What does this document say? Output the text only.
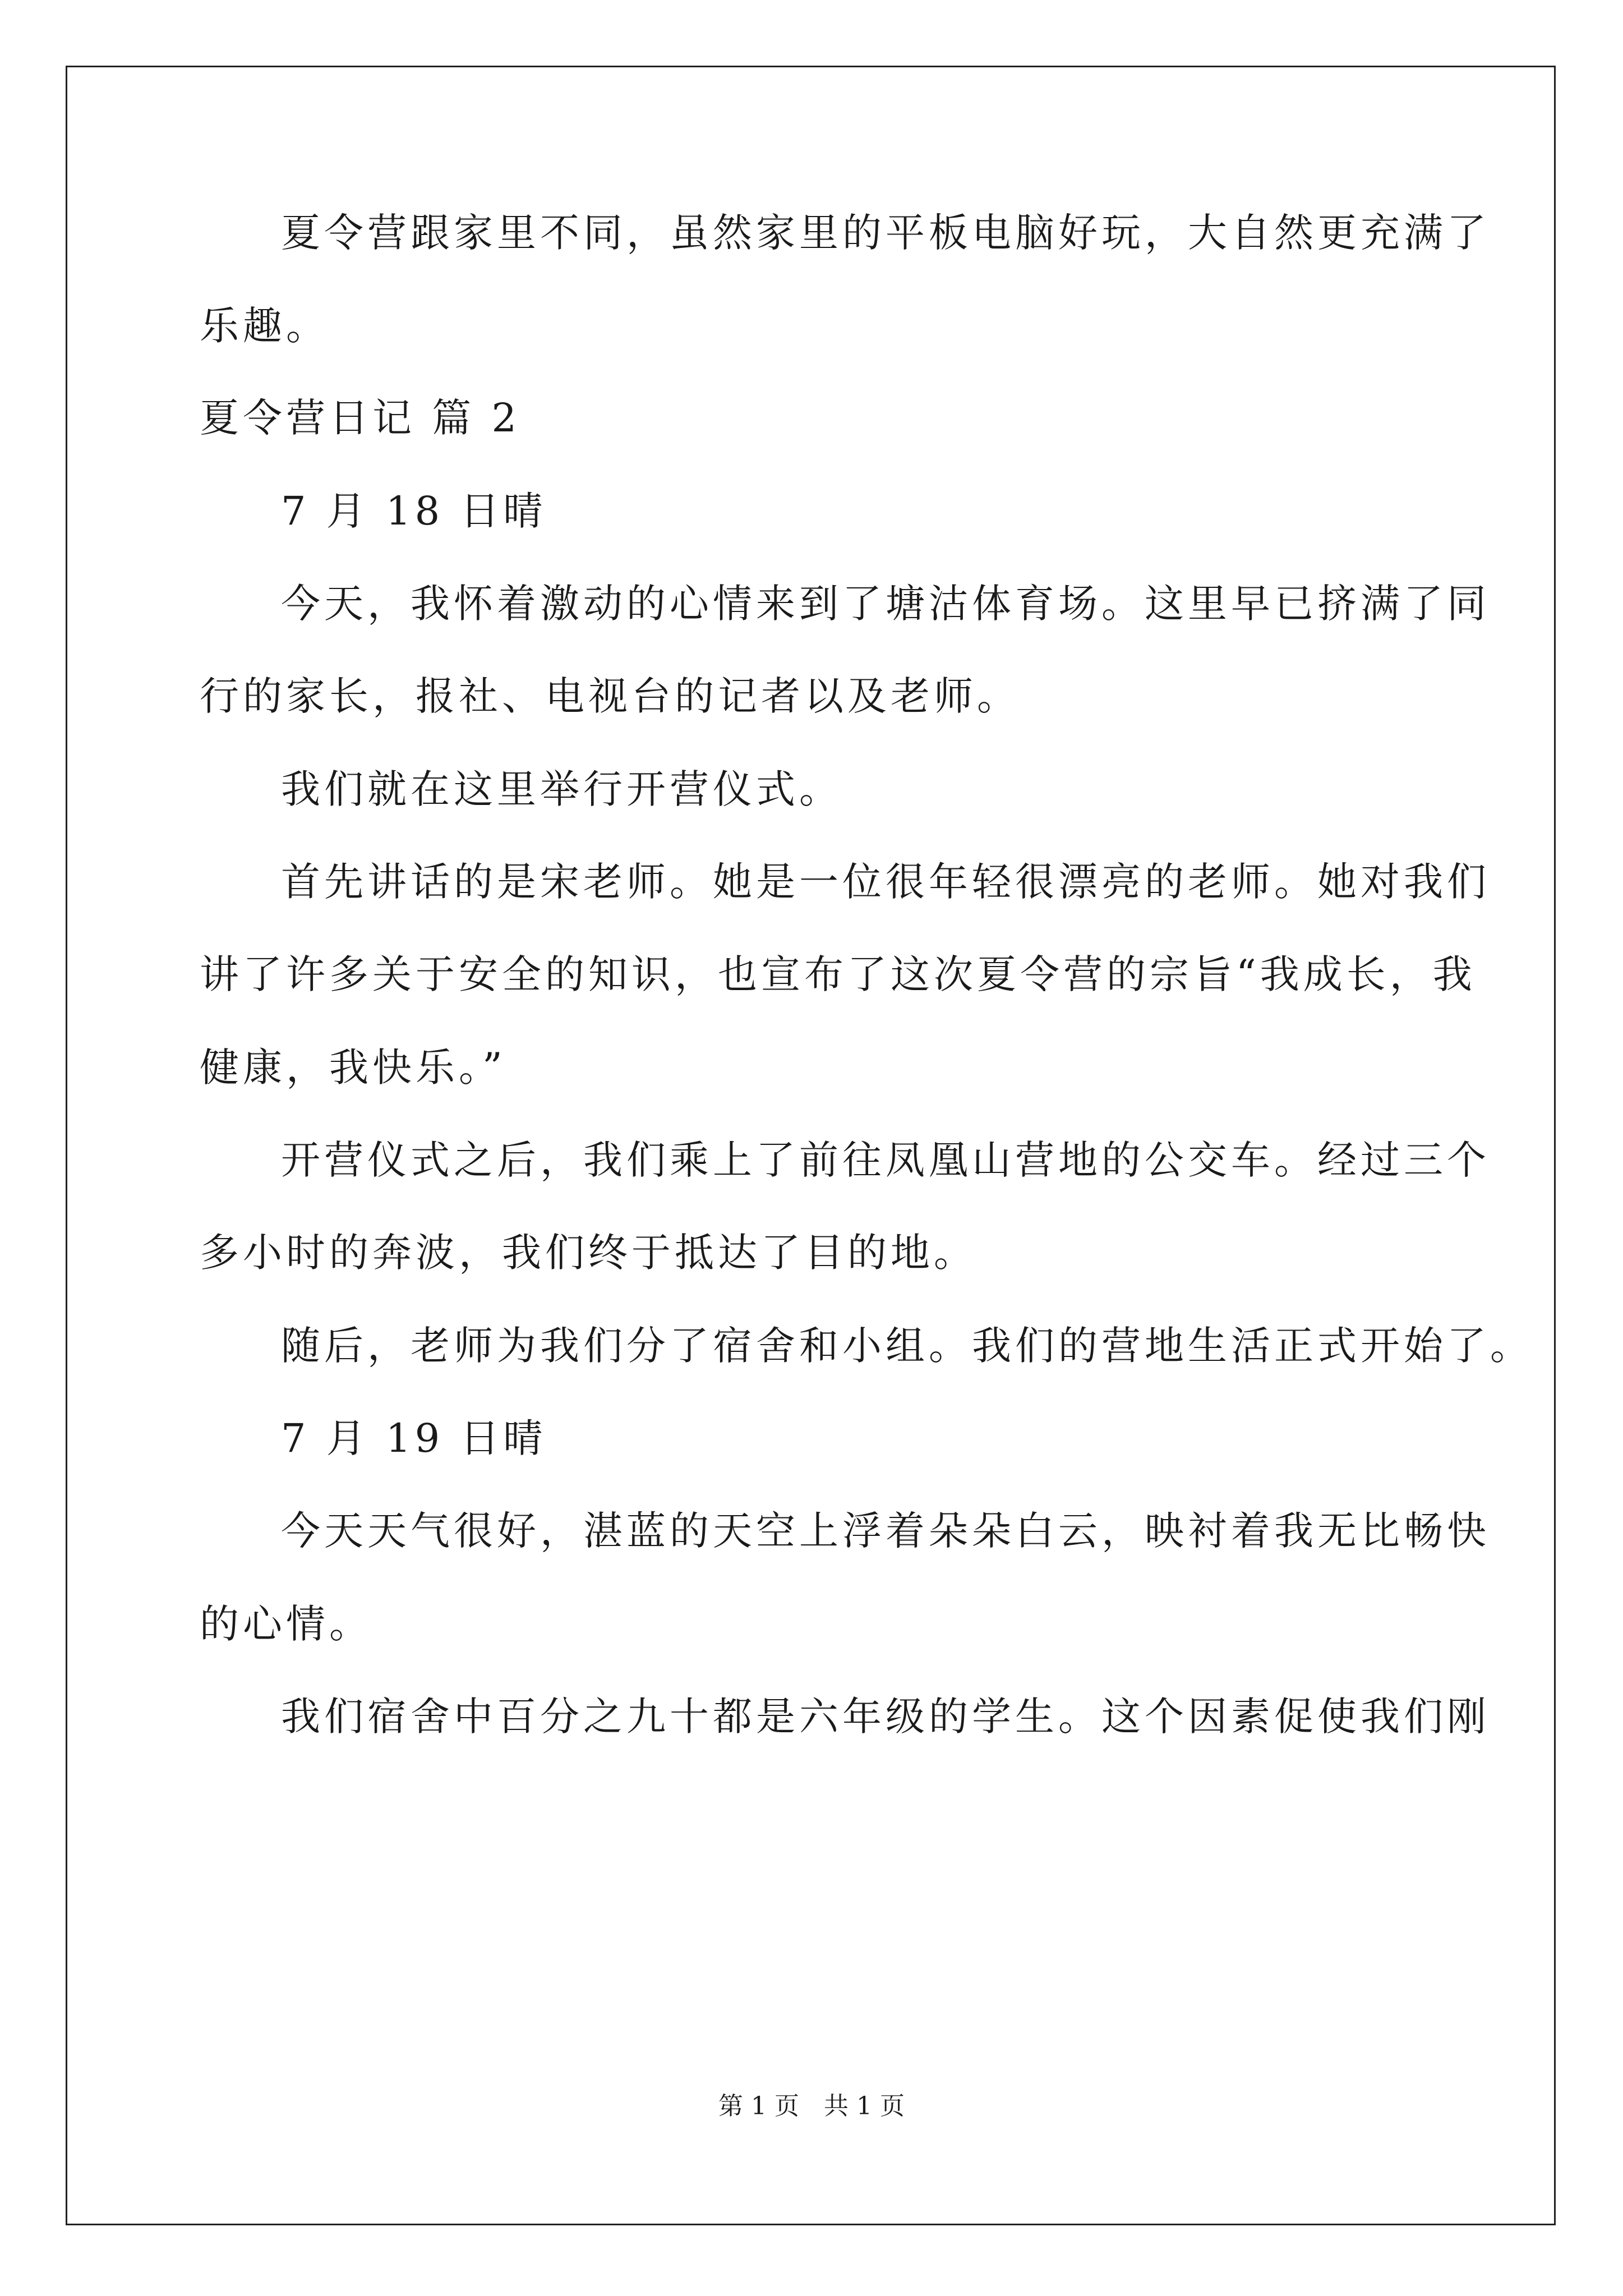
夏令营跟家里不同，虽然家里的平板电脑好玩，大自然更充满了
乐趣。
夏令营日记 篇 2
7 月 18 日晴
今天，我怀着激动的心情来到了塘沽体育场。这里早已挤满了同
行的家长，报社、电视台的记者以及老师。
我们就在这里举行开营仪式。
首先讲话的是宋老师。她是一位很年轻很漂亮的老师。她对我们
讲了许多关于安全的知识，也宣布了这次夏令营的宗旨“我成长，我
健康，我快乐。”
开营仪式之后，我们乘上了前往凤凰山营地的公交车。经过三个
多小时的奔波，我们终于抵达了目的地。
随后，老师为我们分了宿舍和小组。我们的营地生活正式开始了。
7 月 19 日晴
今天天气很好，湛蓝的天空上浮着朵朵白云，映衬着我无比畅快
的心情。
我们宿舍中百分之九十都是六年级的学生。这个因素促使我们刚
第 1 页　共 1 页
